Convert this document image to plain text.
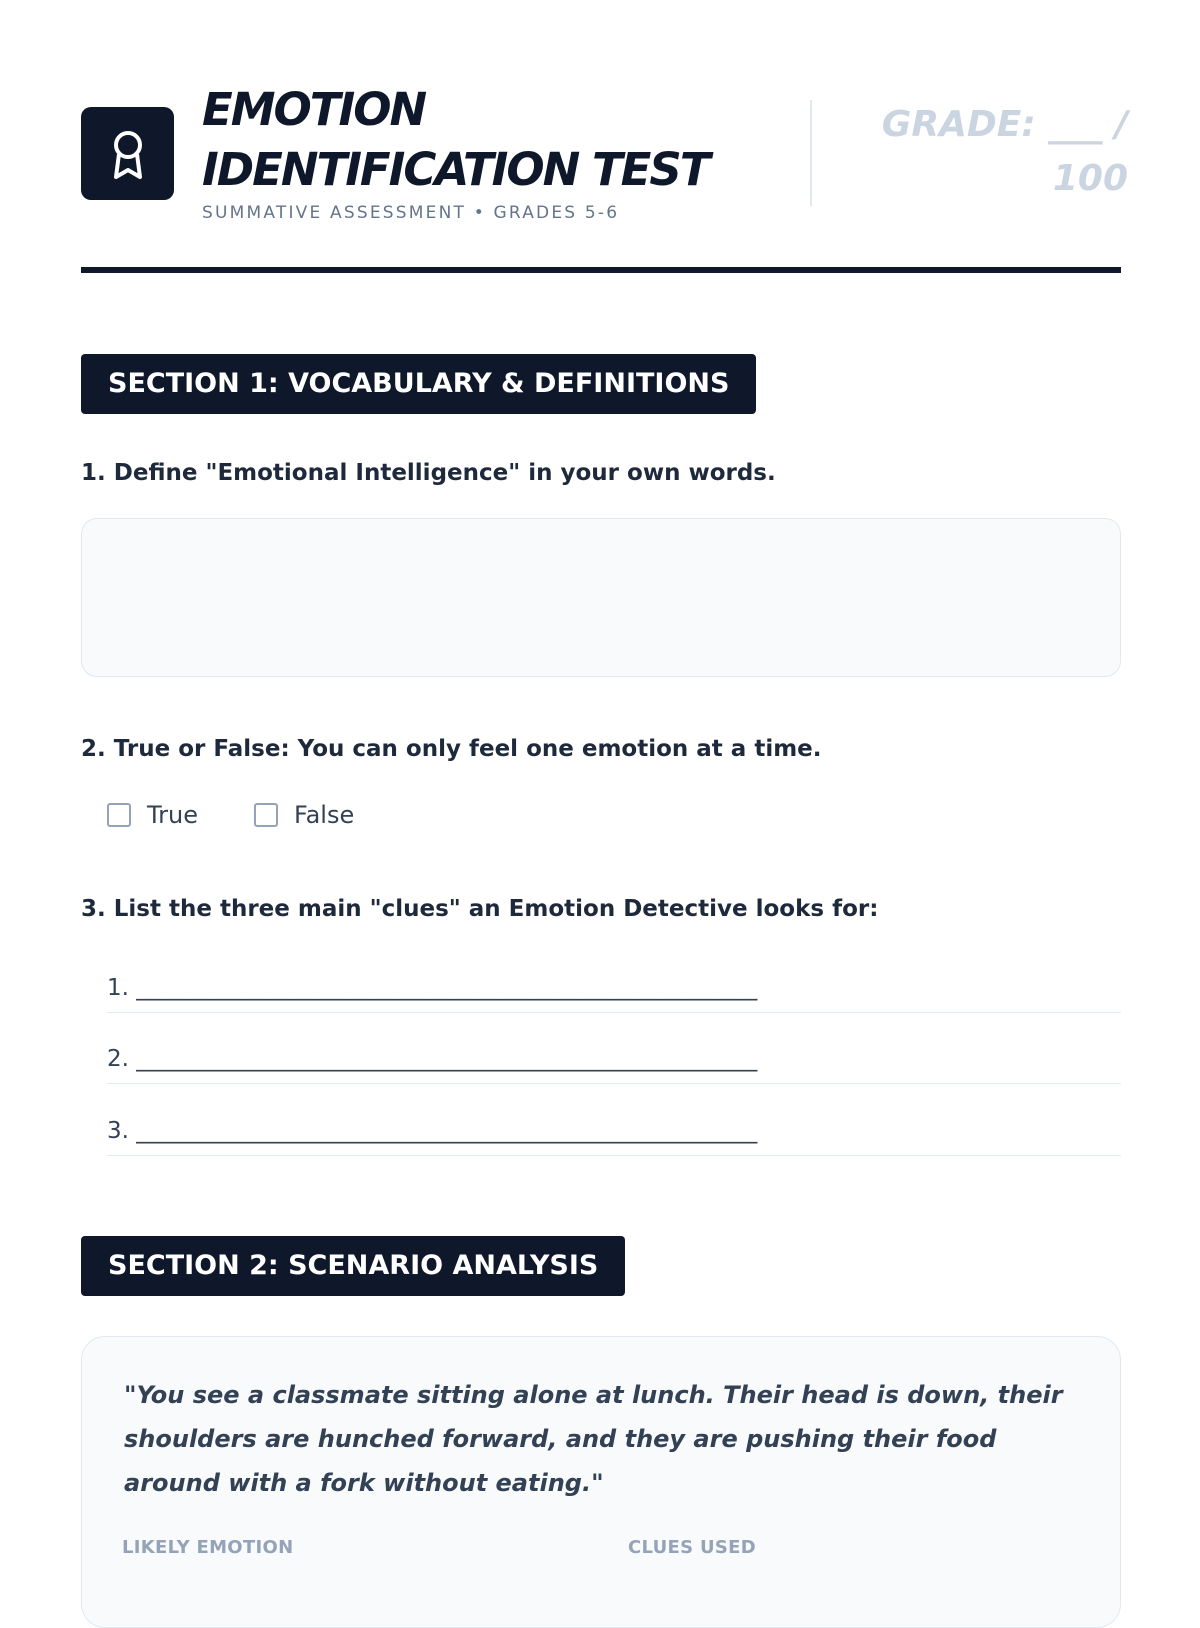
EMOTION IDENTIFICATION TEST
SUMMATIVE ASSESSMENT • GRADES 5-6
GRADE: ___ / 100
SECTION 1: VOCABULARY & DEFINITIONS
1. Define "Emotional Intelligence" in your own words.
2. True or False: You can only feel one emotion at a time.
True	False
3. List the three main "clues" an Emotion Detective looks for:
1. ______________________________________________________
2. ______________________________________________________
3. ______________________________________________________
SECTION 2: SCENARIO ANALYSIS
"You see a classmate sitting alone at lunch. Their head is down, their shoulders are hunched forward, and they are pushing their food around with a fork without eating."
LIKELY EMOTION	CLUES USED
